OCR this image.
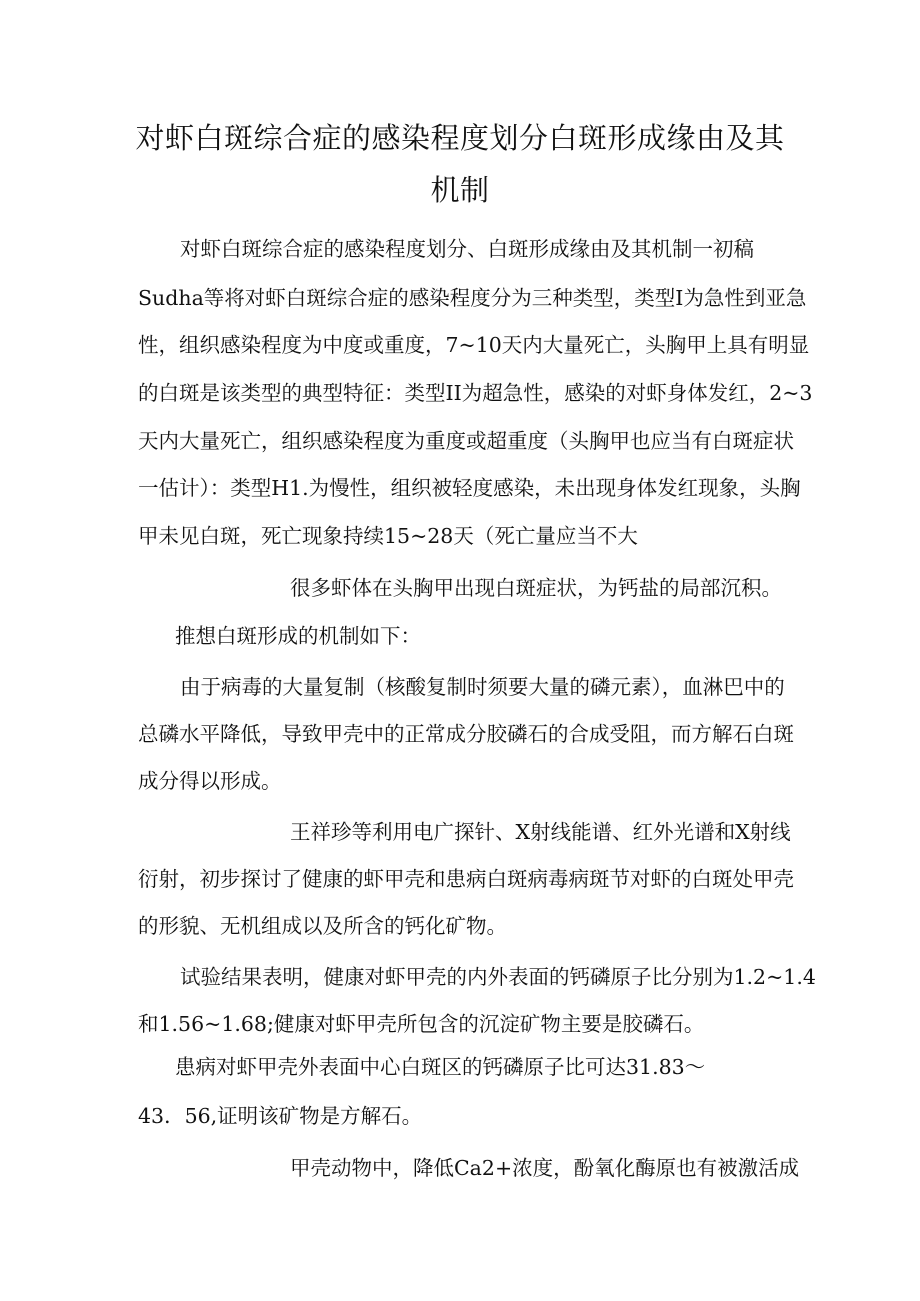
对虾白斑综合症的感染程度划分白斑形成缘由及其
机制

对虾白斑综合症的感染程度划分、白斑形成缘由及其机制一初稿

Sudha等将对虾白斑综合症的感染程度分为三种类型，类型I为急性到亚急

性，组织感染程度为中度或重度，7~10天内大量死亡，头胸甲上具有明显

的白斑是该类型的典型特征：类型II为超急性，感染的对虾身体发红，2~3

天内大量死亡，组织感染程度为重度或超重度（头胸甲也应当有白斑症状

一估计）：类型H1.为慢性，组织被轻度感染，未出现身体发红现象，头胸

甲未见白斑，死亡现象持续15~28天（死亡量应当不大

很多虾体在头胸甲出现白斑症状，为钙盐的局部沉积。

推想白斑形成的机制如下：

由于病毒的大量复制（核酸复制时须要大量的磷元素），血淋巴中的

总磷水平降低，导致甲壳中的正常成分胶磷石的合成受阻，而方解石白斑

成分得以形成。

王祥珍等利用电广探针、X射线能谱、红外光谱和X射线

衍射，初步探讨了健康的虾甲壳和患病白斑病毒病斑节对虾的白斑处甲壳

的形貌、无机组成以及所含的钙化矿物。

试验结果表明，健康对虾甲壳的内外表面的钙磷原子比分别为1.2~1.4

和1.56~1.68;健康对虾甲壳所包含的沉淀矿物主要是胶磷石。

患病对虾甲壳外表面中心白斑区的钙磷原子比可达31.83～

43．56,证明该矿物是方解石。

甲壳动物中，降低Ca2+浓度，酚氧化酶原也有被激活成
